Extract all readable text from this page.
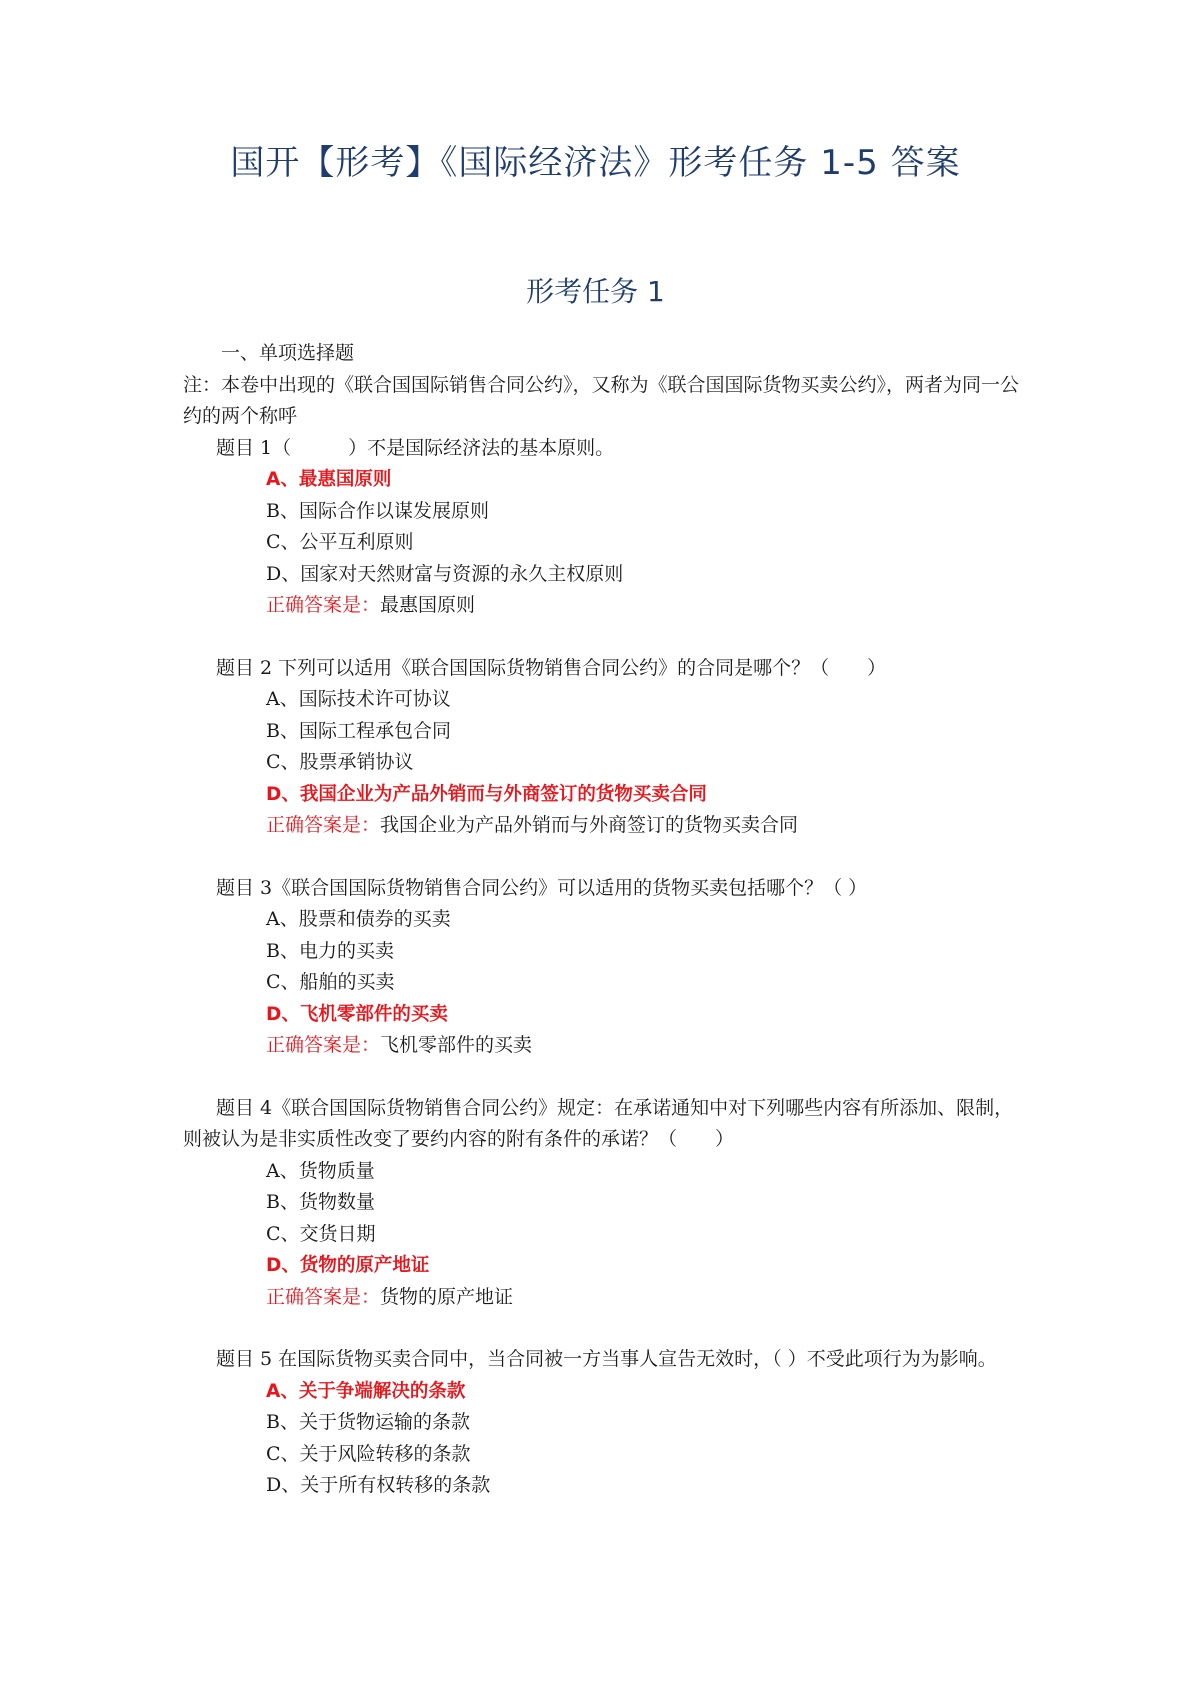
国开【形考】《国际经济法》形考任务 1-5 答案
形考任务 1
一、单项选择题
注：本卷中出现的《联合国国际销售合同公约》，又称为《联合国国际货物买卖公约》，两者为同一公约的两个称呼
题目 1（　　　）不是国际经济法的基本原则。
A、最惠国原则
B、国际合作以谋发展原则
C、公平互利原则
D、国家对天然财富与资源的永久主权原则
正确答案是：最惠国原则
题目 2 下列可以适用《联合国国际货物销售合同公约》的合同是哪个？（　　）
A、国际技术许可协议
B、国际工程承包合同
C、股票承销协议
D、我国企业为产品外销而与外商签订的货物买卖合同
正确答案是：我国企业为产品外销而与外商签订的货物买卖合同
题目 3《联合国国际货物销售合同公约》可以适用的货物买卖包括哪个？（ ）
A、股票和债券的买卖
B、电力的买卖
C、船舶的买卖
D、飞机零部件的买卖
正确答案是：飞机零部件的买卖
题目 4《联合国国际货物销售合同公约》规定：在承诺通知中对下列哪些内容有所添加、限制，则被认为是非实质性改变了要约内容的附有条件的承诺？（　　）
A、货物质量
B、货物数量
C、交货日期
D、货物的原产地证
正确答案是：货物的原产地证
题目 5 在国际货物买卖合同中，当合同被一方当事人宣告无效时，（ ）不受此项行为为影响。
A、关于争端解决的条款
B、关于货物运输的条款
C、关于风险转移的条款
D、关于所有权转移的条款
